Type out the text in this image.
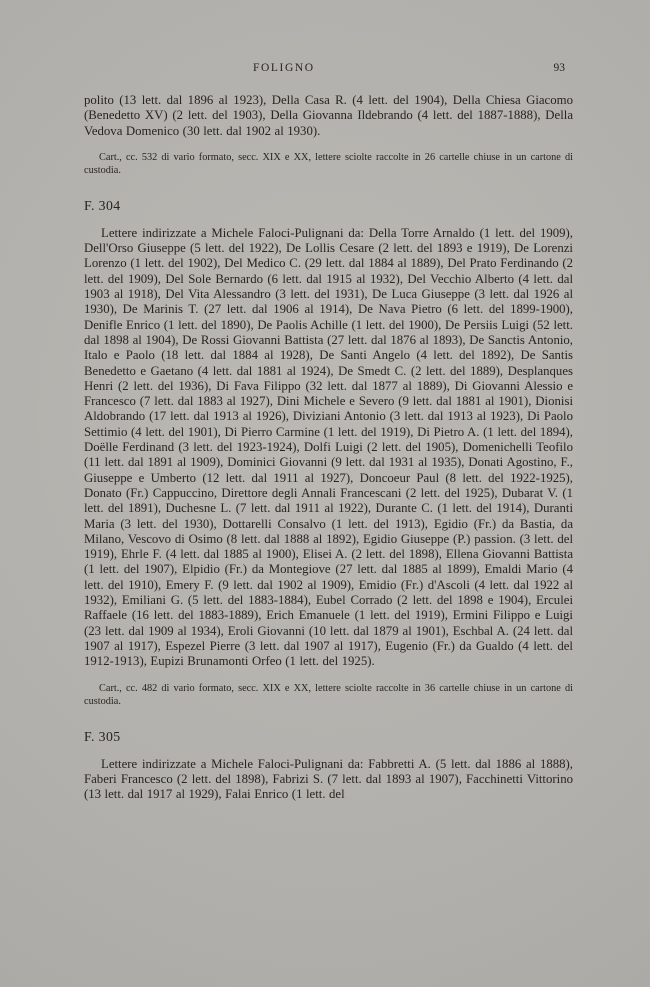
FOLIGNO	93

polito (13 lett. dal 1896 al 1923), Della Casa R. (4 lett. del 1904), Della Chiesa Giacomo (Benedetto XV) (2 lett. del 1903), Della Giovanna Ildebrando (4 lett. del 1887-1888), Della Vedova Domenico (30 lett. dal 1902 al 1930).

Cart., cc. 532 di vario formato, secc. XIX e XX, lettere sciolte raccolte in 26 cartelle chiuse in un cartone di custodia.

F. 304

Lettere indirizzate a Michele Faloci-Pulignani da: Della Torre Arnaldo (1 lett. del 1909), Dell'Orso Giuseppe (5 lett. del 1922), De Lollis Cesare (2 lett. del 1893 e 1919), De Lorenzi Lorenzo (1 lett. del 1902), Del Medico C. (29 lett. dal 1884 al 1889), Del Prato Ferdinando (2 lett. del 1909), Del Sole Bernardo (6 lett. dal 1915 al 1932), Del Vecchio Alberto (4 lett. dal 1903 al 1918), Del Vita Alessandro (3 lett. del 1931), De Luca Giuseppe (3 lett. dal 1926 al 1930), De Marinis T. (27 lett. dal 1906 al 1914), De Nava Pietro (6 lett. del 1899-1900), Denifle Enrico (1 lett. del 1890), De Paolis Achille (1 lett. del 1900), De Persiis Luigi (52 lett. dal 1898 al 1904), De Rossi Giovanni Battista (27 lett. dal 1876 al 1893), De Sanctis Antonio, Italo e Paolo (18 lett. dal 1884 al 1928), De Santi Angelo (4 lett. del 1892), De Santis Benedetto e Gaetano (4 lett. dal 1881 al 1924), De Smedt C. (2 lett. del 1889), Desplanques Henri (2 lett. del 1936), Di Fava Filippo (32 lett. dal 1877 al 1889), Di Giovanni Alessio e Francesco (7 lett. dal 1883 al 1927), Dini Michele e Severo (9 lett. dal 1881 al 1901), Dionisi Aldobrando (17 lett. dal 1913 al 1926), Diviziani Antonio (3 lett. dal 1913 al 1923), Di Paolo Settimio (4 lett. del 1901), Di Pierro Carmine (1 lett. del 1919), Di Pietro A. (1 lett. del 1894), Doëlle Ferdinand (3 lett. del 1923-1924), Dolfi Luigi (2 lett. del 1905), Domenichelli Teofilo (11 lett. dal 1891 al 1909), Dominici Giovanni (9 lett. dal 1931 al 1935), Donati Agostino, F., Giuseppe e Umberto (12 lett. dal 1911 al 1927), Doncoeur Paul (8 lett. del 1922-1925), Donato (Fr.) Cappuccino, Direttore degli Annali Francescani (2 lett. del 1925), Dubarat V. (1 lett. del 1891), Duchesne L. (7 lett. dal 1911 al 1922), Durante C. (1 lett. del 1914), Duranti Maria (3 lett. del 1930), Dottarelli Consalvo (1 lett. del 1913), Egidio (Fr.) da Bastia, da Milano, Vescovo di Osimo (8 lett. dal 1888 al 1892), Egidio Giuseppe (P.) passion. (3 lett. del 1919), Ehrle F. (4 lett. dal 1885 al 1900), Elisei A. (2 lett. del 1898), Ellena Giovanni Battista (1 lett. del 1907), Elpidio (Fr.) da Montegiove (27 lett. dal 1885 al 1899), Emaldi Mario (4 lett. del 1910), Emery F. (9 lett. dal 1902 al 1909), Emidio (Fr.) d'Ascoli (4 lett. dal 1922 al 1932), Emiliani G. (5 lett. del 1883-1884), Eubel Corrado (2 lett. del 1898 e 1904), Erculei Raffaele (16 lett. del 1883-1889), Erich Emanuele (1 lett. del 1919), Ermini Filippo e Luigi (23 lett. dal 1909 al 1934), Eroli Giovanni (10 lett. dal 1879 al 1901), Eschbal A. (24 lett. dal 1907 al 1917), Espezel Pierre (3 lett. dal 1907 al 1917), Eugenio (Fr.) da Gualdo (4 lett. del 1912-1913), Eupizi Brunamonti Orfeo (1 lett. del 1925).

Cart., cc. 482 di vario formato, secc. XIX e XX, lettere sciolte raccolte in 36 cartelle chiuse in un cartone di custodia.

F. 305

Lettere indirizzate a Michele Faloci-Pulignani da: Fabbretti A. (5 lett. dal 1886 al 1888), Faberi Francesco (2 lett. del 1898), Fabrizi S. (7 lett. dal 1893 al 1907), Facchinetti Vittorino (13 lett. dal 1917 al 1929), Falai Enrico (1 lett. del
